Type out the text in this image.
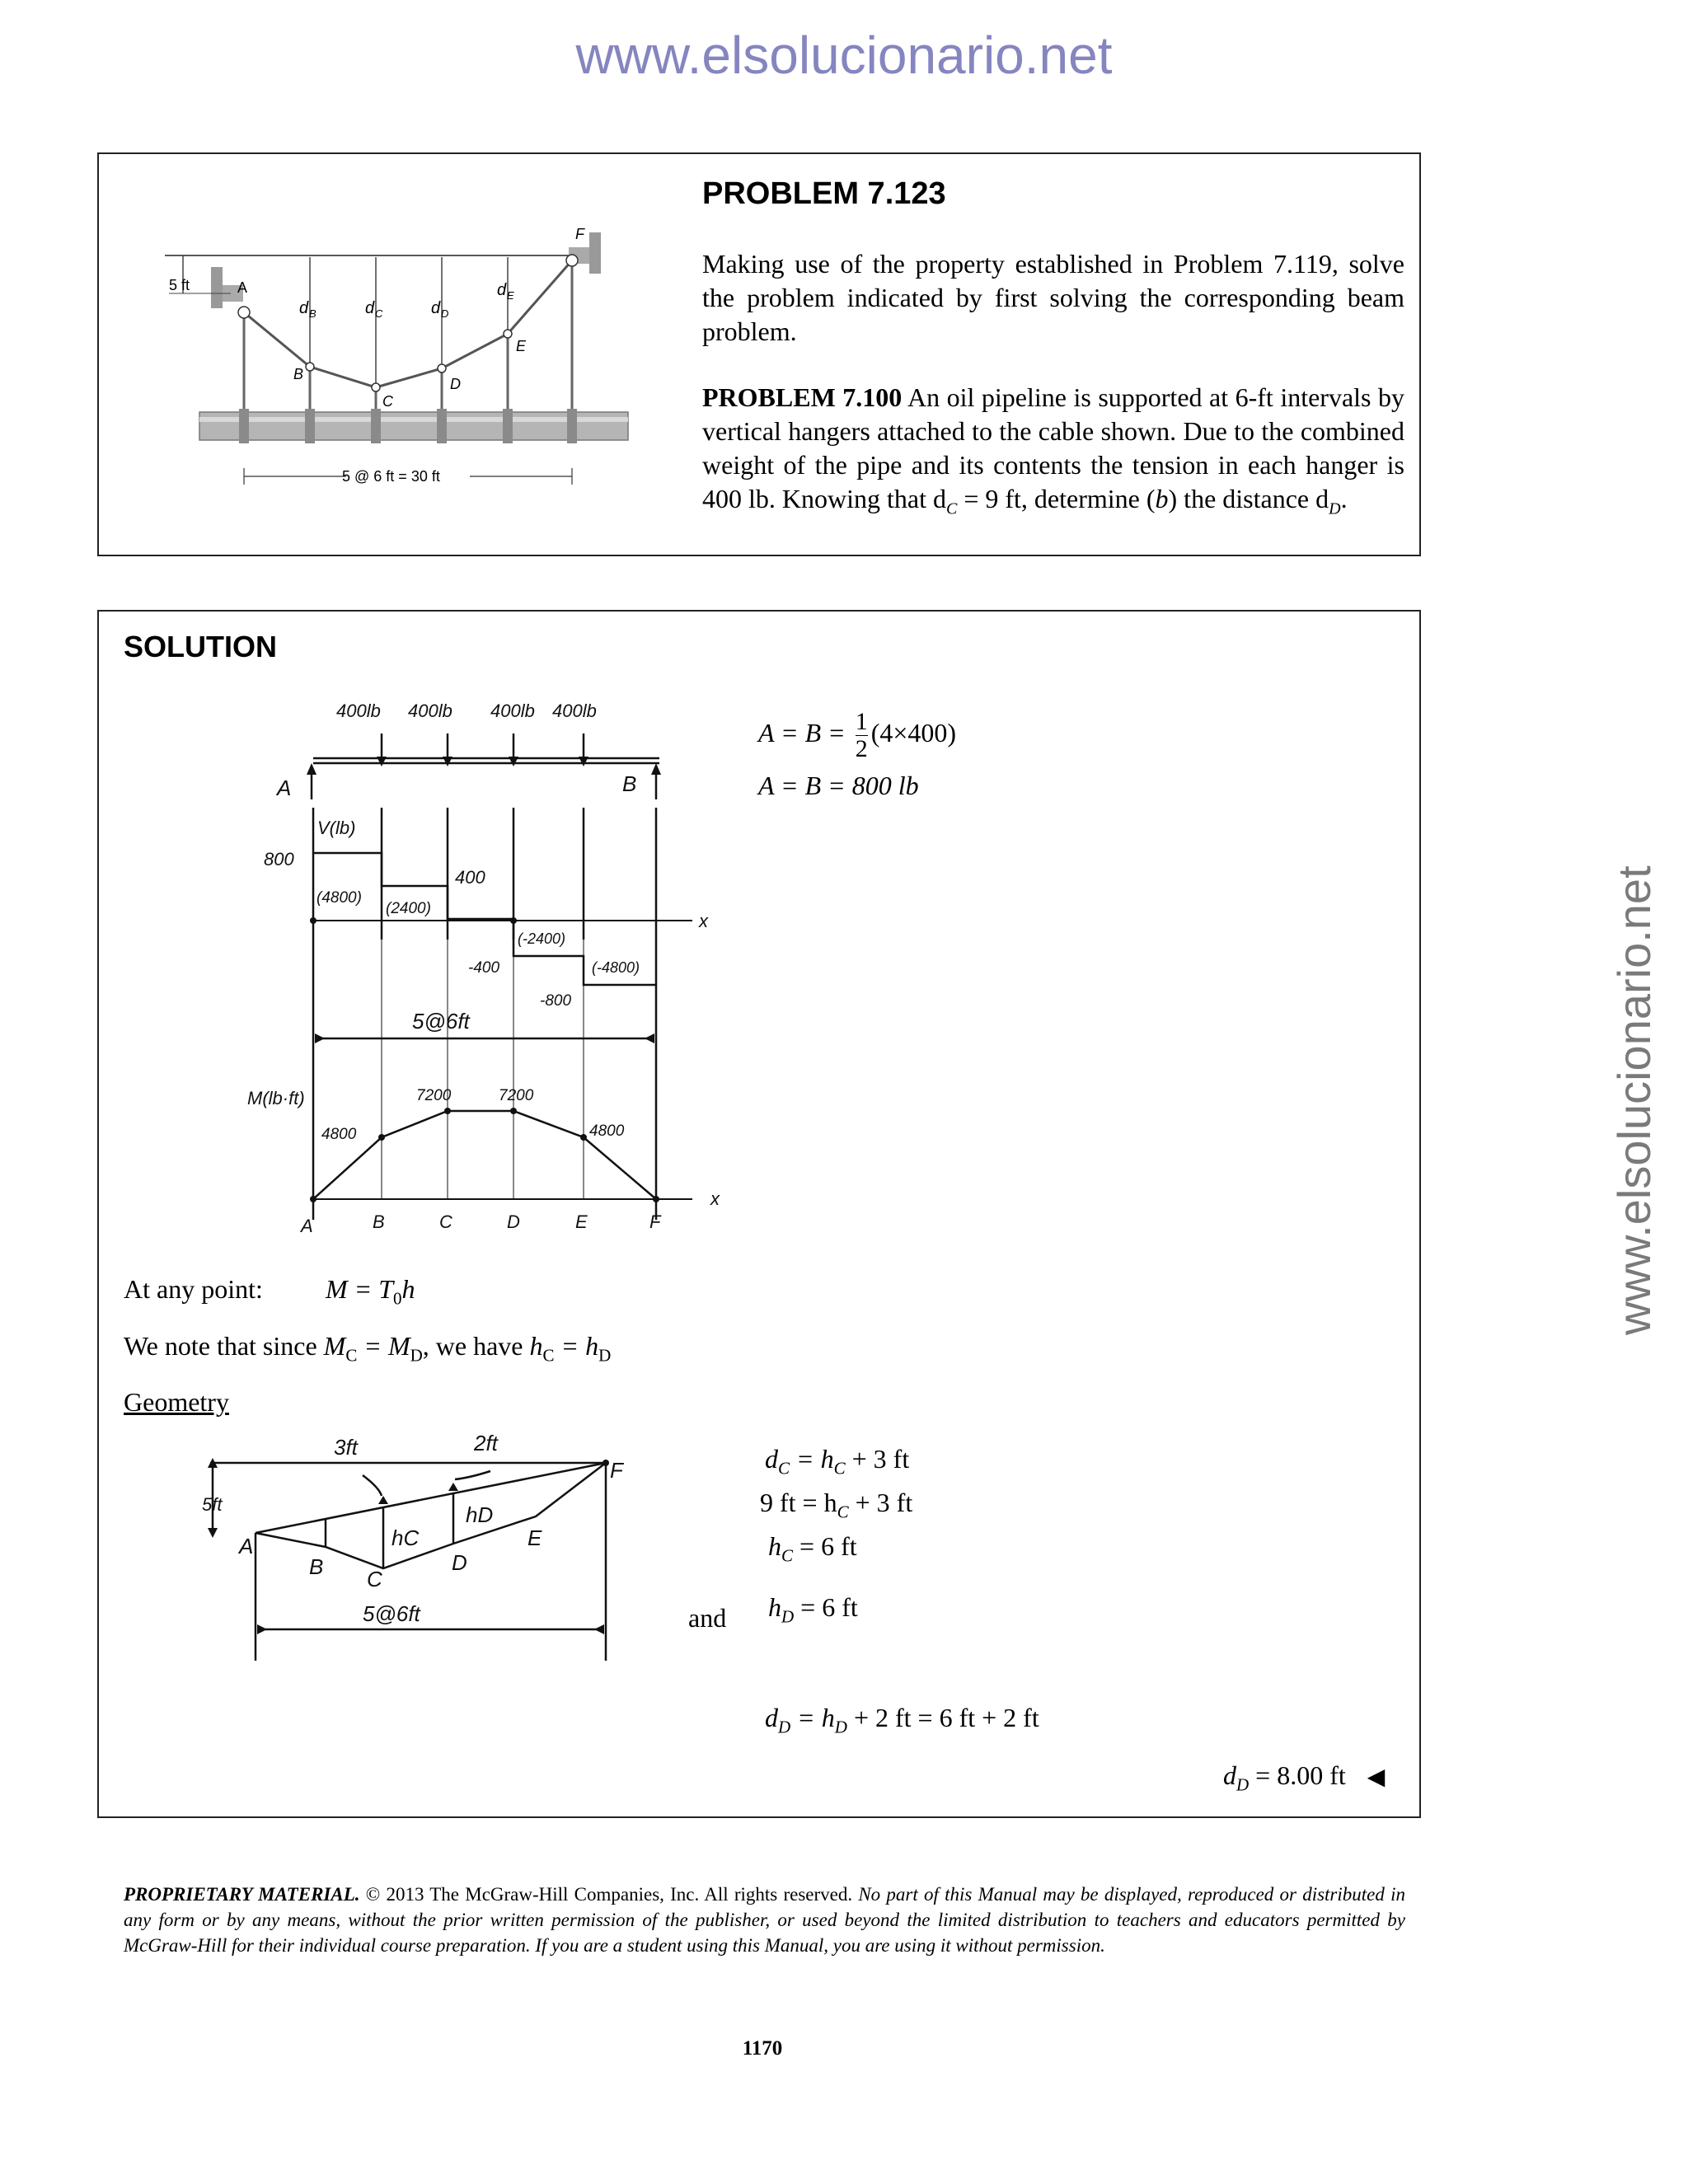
www.elsolucionario.net
www.elsolucionario.net
5 @ 6 ft = 30 ft
5 ft	A
B
C
D
E
F
d B	d C	d D
d E
PROBLEM 7.123
Making use of the property established in Problem 7.119, solve the problem indicated by first solving the corresponding beam problem.
PROBLEM 7.100 An oil pipeline is supported at 6-ft intervals by vertical hangers attached to the cable shown. Due to the combined weight of the pipe and its contents the tension in each hanger is 400 lb. Knowing that $d_C = 9$ ft, determine (b) the distance $d_D$.
SOLUTION
400lb 400lb 400lb 400lb
A	B
V(lb)
800
400
-400
-800
(4800)
(2400)
(-2400)
(-4800)
x
5@6ft
M(lb·ft)
4800
7200	7200
4800
x
A	B	C	D	E	F
$A = B = \frac{1}{2} (4\times 400)$
A = B = 800 lb
At any point: $M = T_0h$
We note that since $M_C = M_D$, we have $h_C = h_D$
Geometry
3ft	2ft
5ft
hC
hD
A
B C
D
E
F
5@6ft
$d_C = h_C + 3$ ft
9 ft = $h_C + 3$ ft
$h_C = 6$ ft
and $h_D = 6$ ft
$d_D = h_D + 2$ ft = 6 ft + 2 ft
$d_D = 8.00$ ft ◀
PROPRIETARY MATERIAL. © 2013 The McGraw-Hill Companies, Inc. All rights reserved. No part of this Manual may be displayed, reproduced or distributed in any form or by any means, without the prior written permission of the publisher, or used beyond the limited distribution to teachers and educators permitted by McGraw-Hill for their individual course preparation. If you are a student using this Manual, you are using it without permission.
1170
